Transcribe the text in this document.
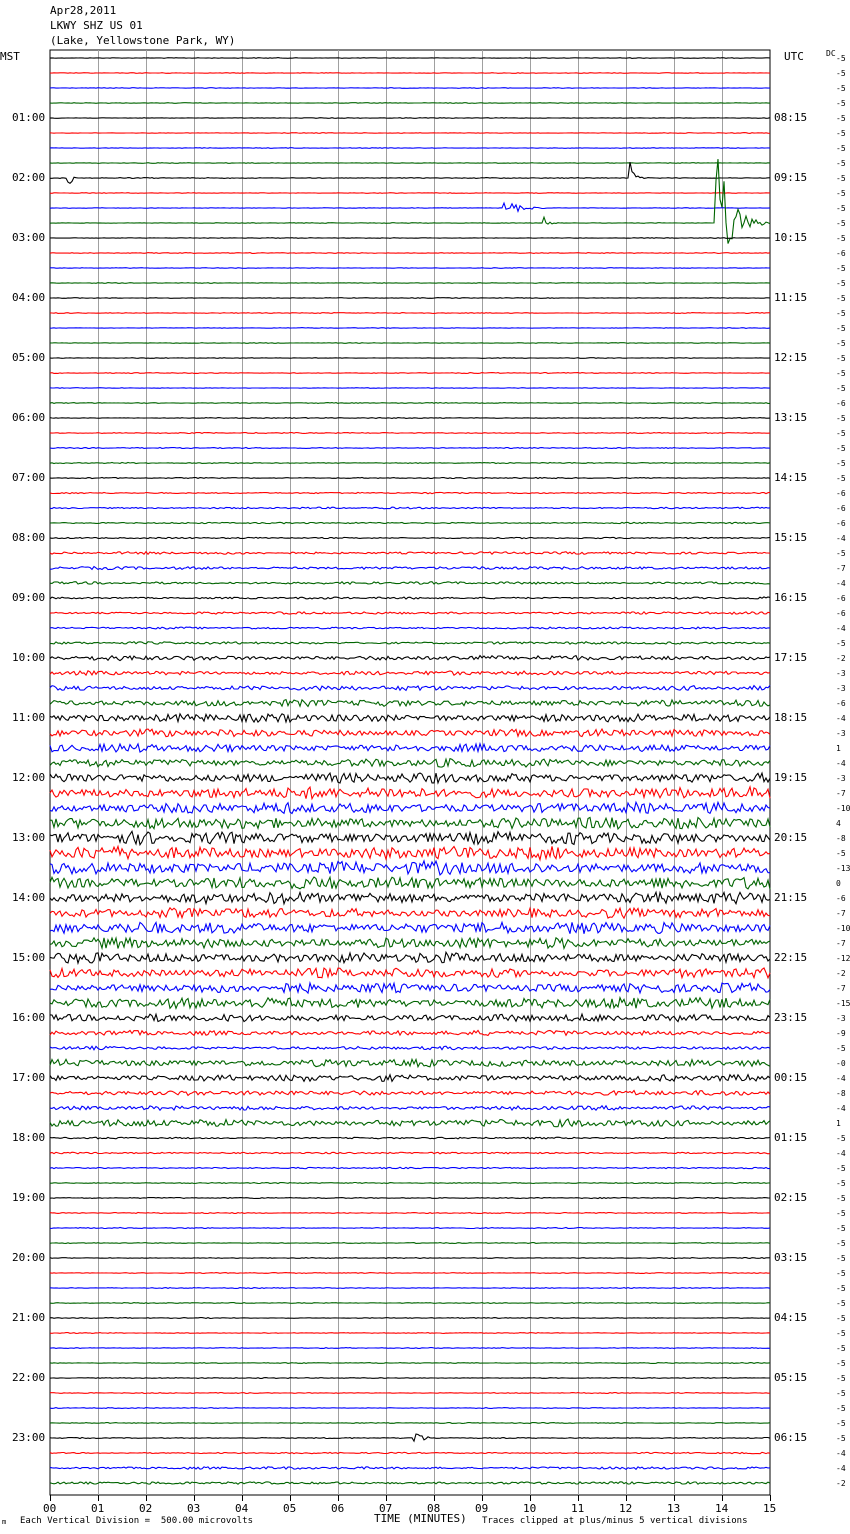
Apr28,2011
LKWY SHZ US 01
(Lake, Yellowstone Park, WY)
MST	UTC	DC
01:00	08:15
02:00	09:15
03:00	10:15
04:00	11:15
05:00	12:15
06:00	13:15
07:00	14:15
08:00	15:15
09:00	16:15
10:00	17:15
11:00	18:15
12:00	19:15
13:00	20:15
14:00	21:15
15:00	22:15
16:00	23:15
17:00	00:15
18:00	01:15
19:00	02:15
20:00	03:15
21:00	04:15
22:00	05:15
23:00	06:15
-5
-5
-5
-5
-5
-5
-5
-5
-5
-5
-5
-5
-5
-6
-5
-5
-5
-5
-5
-5
-5
-5
-5
-6
-5
-5
-5
-5
-5
-6
-6
-6
-4
-5
-7
-4
-6
-6
-4
-5
-2
-3
-3
-6
-4
-3
1
-4
-3
-7
-10
4
-8
-5
-13
0
-6
-7
-10
-7
-12
-2
-7
-15
-3
-9
-5
-0
-4
-8
-4
1
-5
-4
-5
-5
-5
-5
-5
-5
-5
-5
-5
-5
-5
-5
-5
-5
-5
-5
-5
-5
-5
-4
-4
-2
00	01	02	03	04	05	06	07	08	09	10	11	12	13	14	15
m Each Vertical Division =  500.00 microvolts	TIME (MINUTES) Traces clipped at plus/minus 5 vertical divisions
